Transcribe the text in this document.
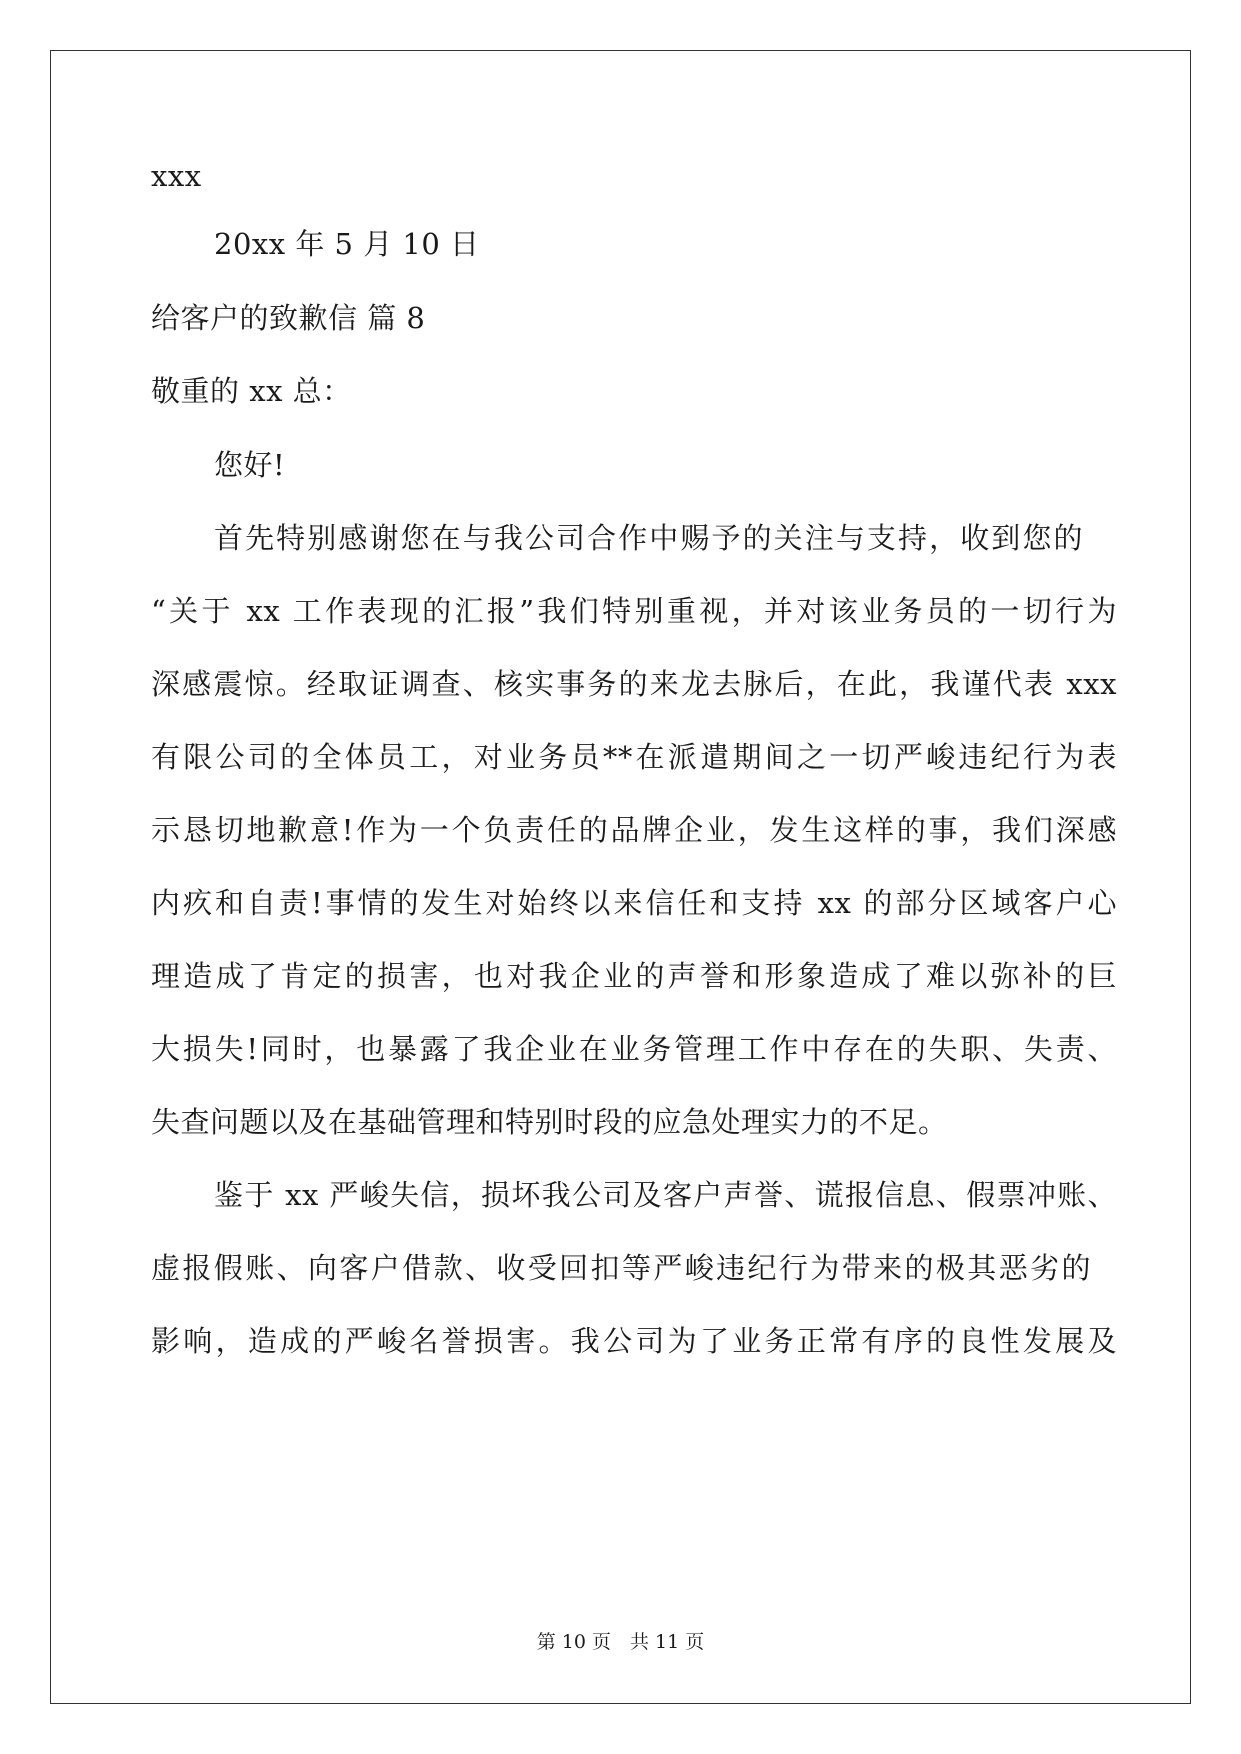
xxx
20xx 年 5 月 10 日
给客户的致歉信 篇 8
敬重的 xx 总：
您好!
首先特别感谢您在与我公司合作中赐予的关注与支持，收到您的
“关于 xx 工作表现的汇报”我们特别重视，并对该业务员的一切行为
深感震惊。经取证调查、核实事务的来龙去脉后，在此，我谨代表 xxx
有限公司的全体员工，对业务员**在派遣期间之一切严峻违纪行为表
示恳切地歉意!作为一个负责任的品牌企业，发生这样的事，我们深感
内疚和自责!事情的发生对始终以来信任和支持 xx 的部分区域客户心
理造成了肯定的损害，也对我企业的声誉和形象造成了难以弥补的巨
大损失!同时，也暴露了我企业在业务管理工作中存在的失职、失责、
失查问题以及在基础管理和特别时段的应急处理实力的不足。
鉴于 xx 严峻失信，损坏我公司及客户声誉、谎报信息、假票冲账、
虚报假账、向客户借款、收受回扣等严峻违纪行为带来的极其恶劣的
影响，造成的严峻名誉损害。我公司为了业务正常有序的良性发展及
第 10 页　共 11 页
